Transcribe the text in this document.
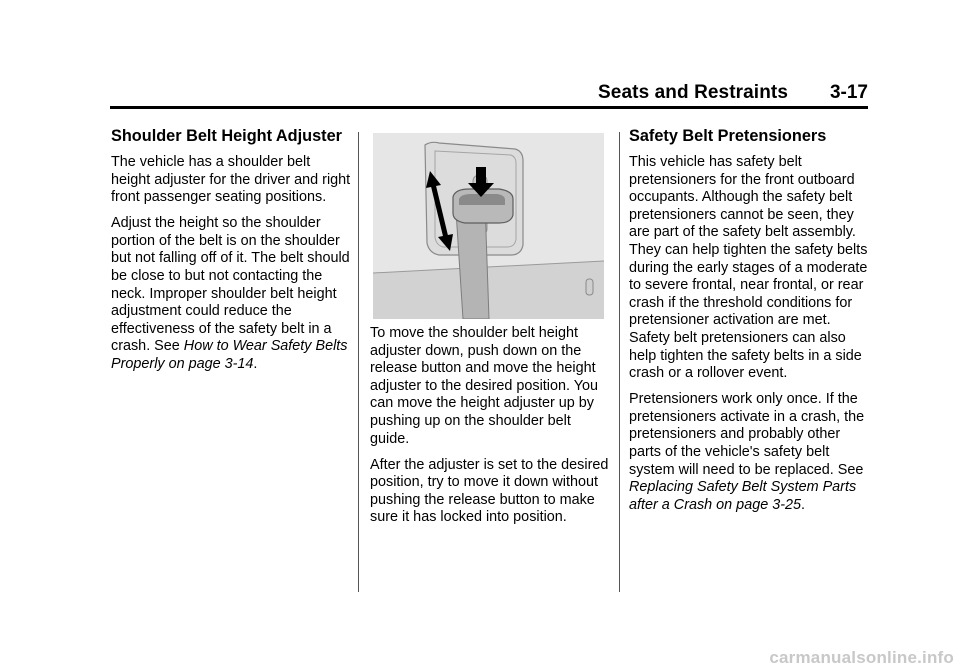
Seats and Restraints 3-17
Shoulder Belt Height Adjuster

The vehicle has a shoulder belt height adjuster for the driver and right front passenger seating positions.

Adjust the height so the shoulder portion of the belt is on the shoulder but not falling off of it. The belt should be close to but not contacting the neck. Improper shoulder belt height adjustment could reduce the effectiveness of the safety belt in a crash. See How to Wear Safety Belts Properly on page 3-14.

To move the shoulder belt height adjuster down, push down on the release button and move the height adjuster to the desired position. You can move the height adjuster up by pushing up on the shoulder belt guide.

After the adjuster is set to the desired position, try to move it down without pushing the release button to make sure it has locked into position.

Safety Belt Pretensioners

This vehicle has safety belt pretensioners for the front outboard occupants. Although the safety belt pretensioners cannot be seen, they are part of the safety belt assembly. They can help tighten the safety belts during the early stages of a moderate to severe frontal, near frontal, or rear crash if the threshold conditions for pretensioner activation are met. Safety belt pretensioners can also help tighten the safety belts in a side crash or a rollover event.

Pretensioners work only once. If the pretensioners activate in a crash, the pretensioners and probably other parts of the vehicle's safety belt system will need to be replaced. See Replacing Safety Belt System Parts after a Crash on page 3-25.

carmanualsonline.info
